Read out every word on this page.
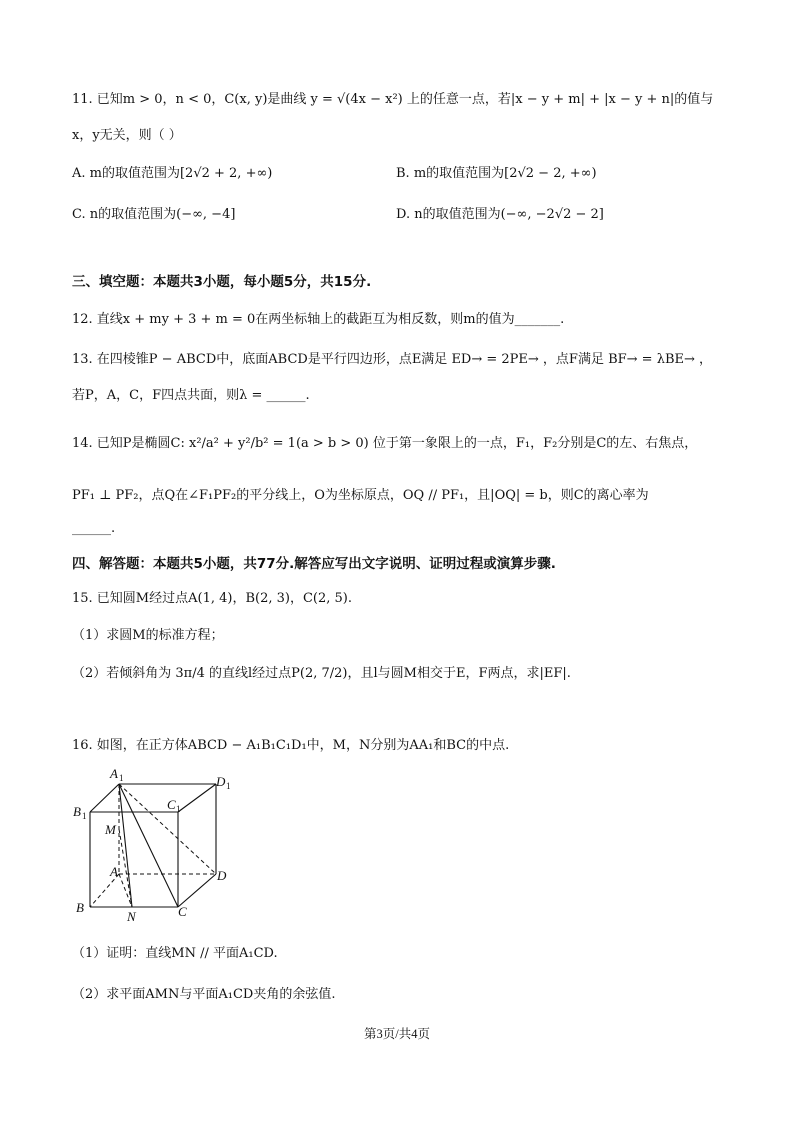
11. 已知m > 0，n < 0，C(x, y)是曲线 y = √(4x − x²) 上的任意一点，若|x − y + m| + |x − y + n|的值与
x，y无关，则（ ）
A. m的取值范围为[2√2 + 2, +∞)	B. m的取值范围为[2√2 − 2, +∞)
C. n的取值范围为(−∞, −4]	D. n的取值范围为(−∞, −2√2 − 2]
三、填空题：本题共3小题，每小题5分，共15分.
12. 直线x + my + 3 + m = 0在两坐标轴上的截距互为相反数，则m的值为_______.
13. 在四棱锥P − ABCD中，底面ABCD是平行四边形，点E满足 ED→ = 2PE→ ，点F满足 BF→ = λBE→ ，
若P，A，C，F四点共面，则λ = ______.
14. 已知P是椭圆C: x²/a² + y²/b² = 1(a > b > 0) 位于第一象限上的一点，F₁，F₂分别是C的左、右焦点，
PF₁ ⊥ PF₂，点Q在∠F₁PF₂的平分线上，O为坐标原点，OQ // PF₁，且|OQ| = b，则C的离心率为
______.
四、解答题：本题共5小题，共77分.解答应写出文字说明、证明过程或演算步骤.
15. 已知圆M经过点A(1, 4)，B(2, 3)，C(2, 5).
（1）求圆M的标准方程；
（2）若倾斜角为 3π/4 的直线l经过点P(2, 7/2)，且l与圆M相交于E，F两点，求|EF|.
16. 如图，在正方体ABCD − A₁B₁C₁D₁中，M，N分别为AA₁和BC的中点.
A 1	D 1
B 1
C 1
M
A	D
B
N	C
（1）证明：直线MN // 平面A₁CD.
（2）求平面AMN与平面A₁CD夹角的余弦值.
第3页/共4页
